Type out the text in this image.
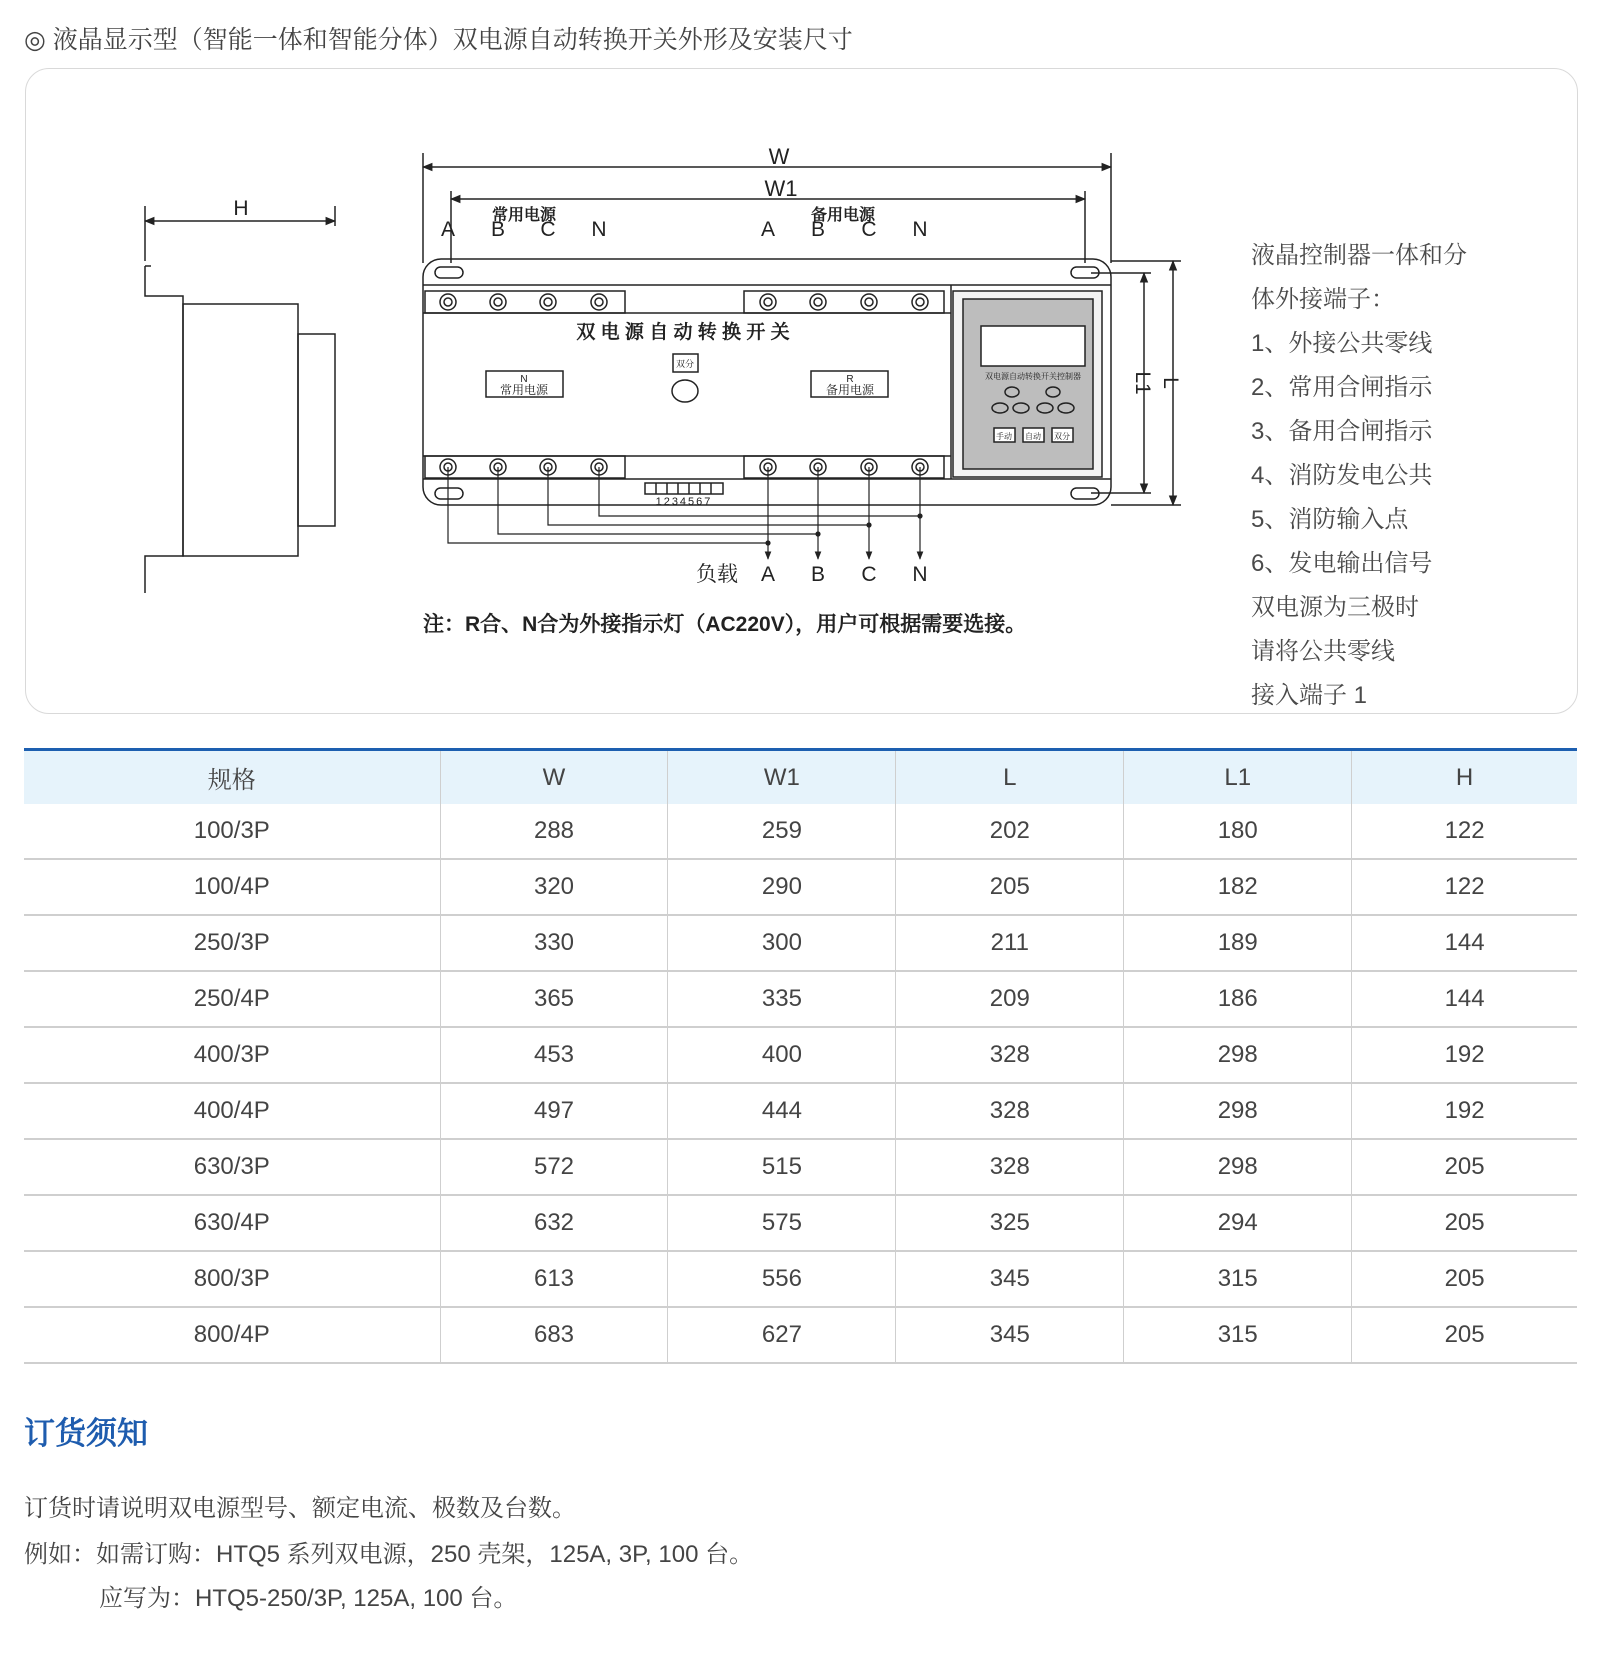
◎ 液晶显示型（智能一体和智能分体）双电源自动转换开关外形及安装尺寸
H
W
W1
L1 L
常用电源	备用电源
A B C N	A B C N
双 电 源 自 动 转 换 开 关
N
常用电源
R
备用电源
双分
1234567
双电源自动转换开关控制器
手动 自动 双分
负载 A B C N
注：R合、N合为外接指示灯（AC220V），用户可根据需要选接。
液晶控制器一体和分
体外接端子：
1、外接公共零线
2、常用合闸指示
3、备用合闸指示
4、消防发电公共
5、消防输入点
6、发电输出信号
双电源为三极时
请将公共零线
接入端子 1
规格	W	W1	L	L1	H
100/3P	288	259	202	180	122
100/4P	320	290	205	182	122
250/3P	330	300	211	189	144
250/4P	365	335	209	186	144
400/3P	453	400	328	298	192
400/4P	497	444	328	298	192
630/3P	572	515	328	298	205
630/4P	632	575	325	294	205
800/3P	613	556	345	315	205
800/4P	683	627	345	315	205
订货须知
订货时请说明双电源型号、额定电流、极数及台数。
例如：如需订购：HTQ5 系列双电源，250 壳架，125A, 3P, 100 台。
应写为：HTQ5-250/3P, 125A, 100 台。
